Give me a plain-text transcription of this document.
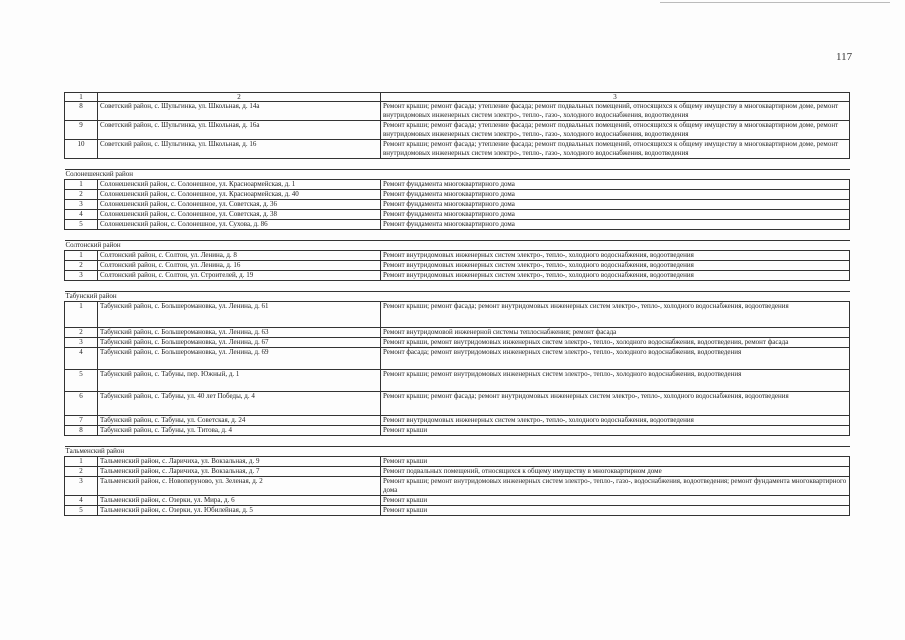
117
1	2	3
8	Советский район, с. Шульгинка, ул. Школьная, д. 14а	Ремонт крыши; ремонт фасада; утепление фасада; ремонт подвальных помещений, относящихся к общему имуществу в многоквартирном доме, ремонт внутридомовых инженерных систем электро-, тепло-, газо-, холодного водоснабжения, водоотведения
9	Советский район, с. Шульгинка, ул. Школьная, д. 16а	Ремонт крыши; ремонт фасада; утепление фасада; ремонт подвальных помещений, относящихся к общему имуществу в многоквартирном доме, ремонт внутридомовых инженерных систем электро-, тепло-, газо-, холодного водоснабжения, водоотведения
10	Советский район, с. Шульгинка, ул. Школьная, д. 16	Ремонт крыши; ремонт фасада; утепление фасада; ремонт подвальных помещений, относящихся к общему имуществу в многоквартирном доме, ремонт внутридомовых инженерных систем электро-, тепло-, газо-, холодного водоснабжения, водоотведения

Солонешенский район		
1	Солонешенский район, с. Солонешное, ул. Красноармейская, д. 1	Ремонт фундамента многоквартирного дома
2	Солонешенский район, с. Солонешное, ул. Красноармейская, д. 40	Ремонт фундамента многоквартирного дома
3	Солонешенский район, с. Солонешное, ул. Советская, д. 36	Ремонт фундамента многоквартирного дома
4	Солонешенский район, с. Солонешное, ул. Советская, д. 38	Ремонт фундамента многоквартирного дома
5	Солонешенский район, с. Солонешное, ул. Сухова, д. 86	Ремонт фундамента многоквартирного дома

Солтонский район		
1	Солтонский район, с. Солтон, ул. Ленина, д. 8	Ремонт внутридомовых инженерных систем электро-, тепло-, холодного водоснабжения, водоотведения
2	Солтонский район, с. Солтон, ул. Ленина, д. 16	Ремонт внутридомовых инженерных систем электро-, тепло-, холодного водоснабжения, водоотведения
3	Солтонский район, с. Солтон, ул. Строителей, д. 19	Ремонт внутридомовых инженерных систем электро-, тепло-, холодного водоснабжения, водоотведения

Табунский район		
1	Табунский район, с. Большеромановка, ул. Ленина, д. 61	Ремонт крыши; ремонт фасада; ремонт внутридомовых инженерных систем электро-, тепло-, холодного водоснабжения, водоотведения
2	Табунский район, с. Большеромановка, ул. Ленина, д. 63	Ремонт внутридомовой инженерной системы теплоснабжения; ремонт фасада
3	Табунский район, с. Большеромановка, ул. Ленина, д. 67	Ремонт крыши, ремонт внутридомовых инженерных систем электро-, тепло-, холодного водоснабжения, водоотведения, ремонт фасада
4	Табунский район, с. Большеромановка, ул. Ленина, д. 69	Ремонт фасада; ремонт внутридомовых инженерных систем электро-, тепло-, холодного водоснабжения, водоотведения
5	Табунский район, с. Табуны, пер. Южный, д. 1	Ремонт крыши; ремонт внутридомовых инженерных систем электро-, тепло-, холодного водоснабжения, водоотведения
6	Табунский район, с. Табуны, ул. 40 лет Победы, д. 4	Ремонт крыши; ремонт фасада; ремонт внутридомовых инженерных систем электро-, тепло-, холодного водоснабжения, водоотведения
7	Табунский район, с. Табуны, ул. Советская, д. 24	Ремонт внутридомовых инженерных систем электро-, тепло-, холодного водоснабжения, водоотведения
8	Табунский район, с. Табуны, ул. Титова, д. 4	Ремонт крыши

Тальменский район		
1	Тальменский район, с. Ларичиха, ул. Вокзальная, д. 9	Ремонт крыши
2	Тальменский район, с. Ларичиха, ул. Вокзальная, д. 7	Ремонт подвальных помещений, относящихся к общему имуществу в многоквартирном доме
3	Тальменский район, с. Новоперуново, ул. Зеленая, д. 2	Ремонт крыши; ремонт внутридомовых инженерных систем электро-, тепло-, газо-, водоснабжения, водоотведения; ремонт фундамента многоквартирного дома
4	Тальменский район, с. Озерки, ул. Мира, д. 6	Ремонт крыши
5	Тальменский район, с. Озерки, ул. Юбилейная, д. 5	Ремонт крыши
